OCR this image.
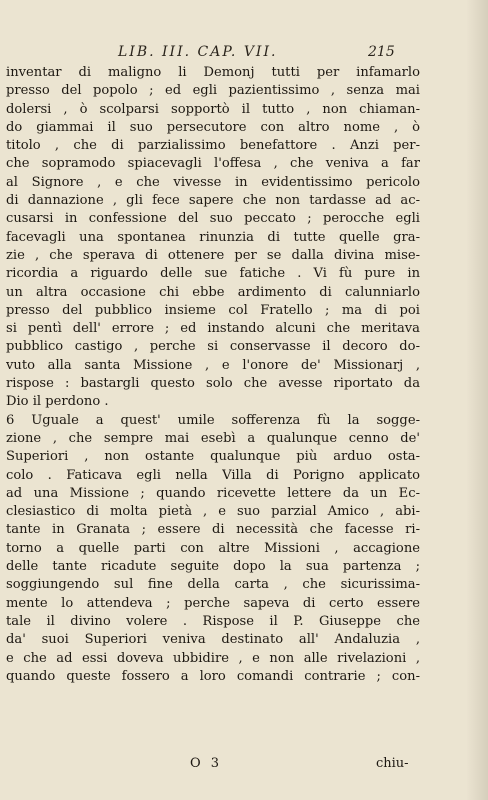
LIB. III. CAP. VII.	215
inventar di maligno li Demonj tutti per infamarlo
presso del popolo ; ed egli pazientissimo , senza mai
dolersi , ò scolparsi sopportò il tutto , non chiaman-
do giammai il suo persecutore con altro nome , ò
titolo , che di parzialissimo benefattore . Anzi per-
che sopramodo spiacevagli l'offesa , che veniva a far
al Signore , e che vivesse in evidentissimo pericolo
di dannazione , gli fece sapere che non tardasse ad ac-
cusarsi in confessione del suo peccato ; perocche egli
facevagli una spontanea rinunzia di tutte quelle gra-
zie , che sperava di ottenere per se dalla divina mise-
ricordia a riguardo delle sue fatiche . Vi fù pure in
un altra occasione chi ebbe ardimento di calunniarlo
presso del pubblico insieme col Fratello ; ma di poi
si pentì dell' errore ; ed instando alcuni che meritava
pubblico castigo , perche si conservasse il decoro do-
vuto alla santa Missione , e l'onore de' Missionarj ,
rispose : bastargli questo solo che avesse riportato da
Dio il perdono .
6 Uguale a quest' umile sofferenza fù la sogge-
zione , che sempre mai esebì a qualunque cenno de'
Superiori , non ostante qualunque più arduo osta-
colo . Faticava egli nella Villa di Porigno applicato
ad una Missione ; quando ricevette lettere da un Ec-
clesiastico di molta pietà , e suo parzial Amico , abi-
tante in Granata ; essere di necessità che facesse ri-
torno a quelle parti con altre Missioni , accagione
delle tante ricadute seguite dopo la sua partenza ;
soggiungendo sul fine della carta , che sicurissima-
mente lo attendeva ; perche sapeva di certo essere
tale il divino volere . Rispose il P. Giuseppe che
da' suoi Superiori veniva destinato all' Andaluzia ,
e che ad essi doveva ubbidire , e non alle rivelazioni ,
quando queste fossero a loro comandi contrarie ; con-
O 3	chiu-
